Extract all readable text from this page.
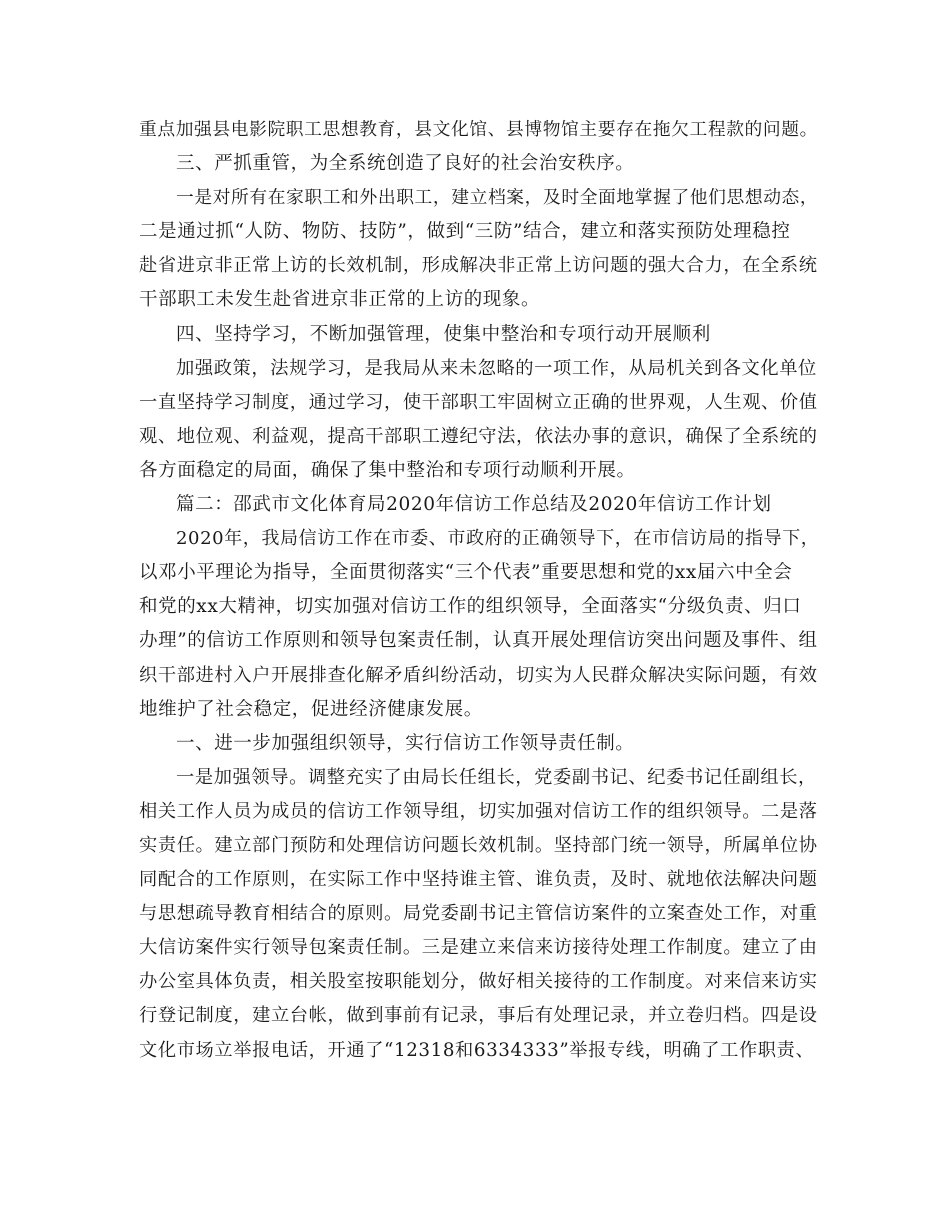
重点加强县电影院职工思想教育，县文化馆、县博物馆主要存在拖欠工程款的问题。
三、严抓重管，为全系统创造了良好的社会治安秩序。
一是对所有在家职工和外出职工，建立档案，及时全面地掌握了他们思想动态，
二是通过抓“人防、物防、技防”，做到“三防”结合，建立和落实预防处理稳控
赴省进京非正常上访的长效机制，形成解决非正常上访问题的强大合力，在全系统
干部职工未发生赴省进京非正常的上访的现象。
四、坚持学习，不断加强管理，使集中整治和专项行动开展顺利
加强政策，法规学习，是我局从来未忽略的一项工作，从局机关到各文化单位
一直坚持学习制度，通过学习，使干部职工牢固树立正确的世界观，人生观、价值
观、地位观、利益观，提高干部职工遵纪守法，依法办事的意识，确保了全系统的
各方面稳定的局面，确保了集中整治和专项行动顺利开展。
篇二：邵武市文化体育局2020年信访工作总结及2020年信访工作计划
2020年，我局信访工作在市委、市政府的正确领导下，在市信访局的指导下，
以邓小平理论为指导，全面贯彻落实“三个代表”重要思想和党的xx届六中全会
和党的xx大精神，切实加强对信访工作的组织领导，全面落实“分级负责、归口
办理”的信访工作原则和领导包案责任制，认真开展处理信访突出问题及事件、组
织干部进村入户开展排查化解矛盾纠纷活动，切实为人民群众解决实际问题，有效
地维护了社会稳定，促进经济健康发展。
一、进一步加强组织领导，实行信访工作领导责任制。
一是加强领导。调整充实了由局长任组长，党委副书记、纪委书记任副组长，
相关工作人员为成员的信访工作领导组，切实加强对信访工作的组织领导。二是落
实责任。建立部门预防和处理信访问题长效机制。坚持部门统一领导，所属单位协
同配合的工作原则，在实际工作中坚持谁主管、谁负责，及时、就地依法解决问题
与思想疏导教育相结合的原则。局党委副书记主管信访案件的立案查处工作，对重
大信访案件实行领导包案责任制。三是建立来信来访接待处理工作制度。建立了由
办公室具体负责，相关股室按职能划分，做好相关接待的工作制度。对来信来访实
行登记制度，建立台帐，做到事前有记录，事后有处理记录，并立卷归档。四是设
文化市场立举报电话，开通了“12318和6334333”举报专线，明确了工作职责、
